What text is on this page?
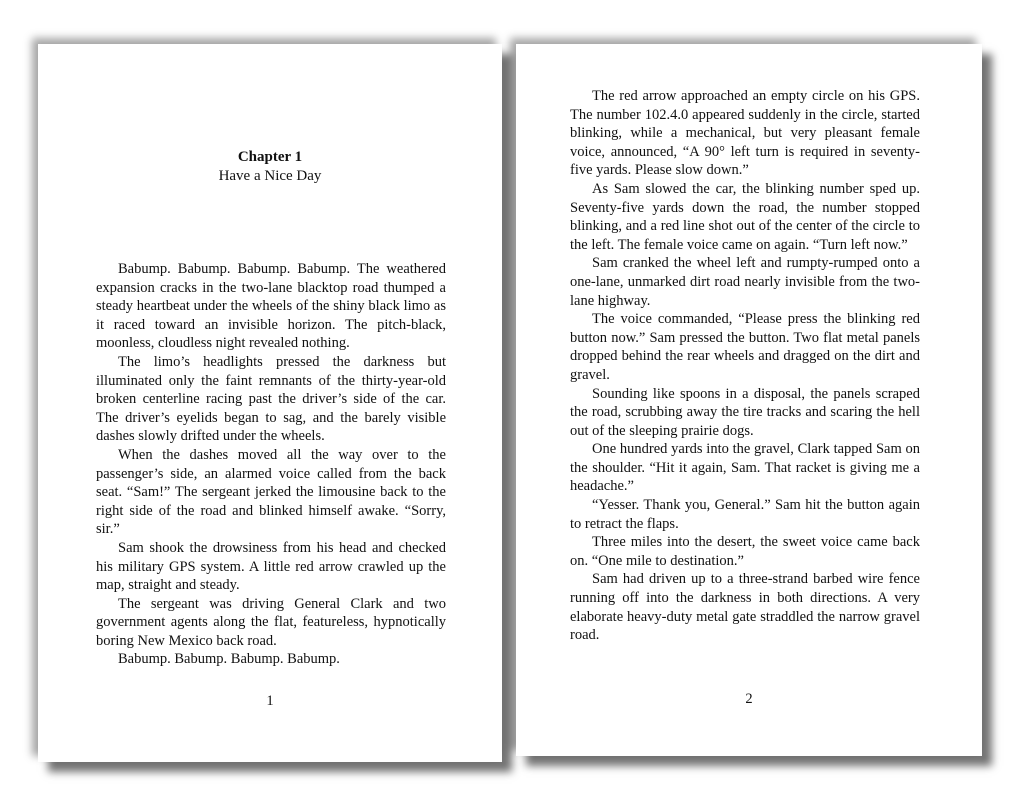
Chapter 1
Have a Nice Day

Babump. Babump. Babump. Babump. The weathered expansion cracks in the two-lane blacktop road thumped a steady heartbeat under the wheels of the shiny black limo as it raced toward an invisible horizon. The pitch-black, moonless, cloudless night revealed nothing.

The limo’s headlights pressed the darkness but illuminated only the faint remnants of the thirty-year-old broken centerline racing past the driver’s side of the car. The driver’s eyelids began to sag, and the barely visible dashes slowly drifted under the wheels.

When the dashes moved all the way over to the passenger’s side, an alarmed voice called from the back seat. “Sam!” The sergeant jerked the limousine back to the right side of the road and blinked himself awake. “Sorry, sir.”

Sam shook the drowsiness from his head and checked his military GPS system. A little red arrow crawled up the map, straight and steady.

The sergeant was driving General Clark and two government agents along the flat, featureless, hypnotically boring New Mexico back road.

Babump. Babump. Babump. Babump.

1

The red arrow approached an empty circle on his GPS. The number 102.4.0 appeared suddenly in the circle, started blinking, while a mechanical, but very pleasant female voice, announced, “A 90° left turn is required in seventy-five yards. Please slow down.”

As Sam slowed the car, the blinking number sped up. Seventy-five yards down the road, the number stopped blinking, and a red line shot out of the center of the circle to the left. The female voice came on again. “Turn left now.”

Sam cranked the wheel left and rumpty-rumped onto a one-lane, unmarked dirt road nearly invisible from the two-lane highway.

The voice commanded, “Please press the blinking red button now.” Sam pressed the button. Two flat metal panels dropped behind the rear wheels and dragged on the dirt and gravel.

Sounding like spoons in a disposal, the panels scraped the road, scrubbing away the tire tracks and scaring the hell out of the sleeping prairie dogs.

One hundred yards into the gravel, Clark tapped Sam on the shoulder. “Hit it again, Sam. That racket is giving me a headache.”

“Yesser. Thank you, General.” Sam hit the button again to retract the flaps.

Three miles into the desert, the sweet voice came back on. “One mile to destination.”

Sam had driven up to a three-strand barbed wire fence running off into the darkness in both directions. A very elaborate heavy-duty metal gate straddled the narrow gravel road.

2
